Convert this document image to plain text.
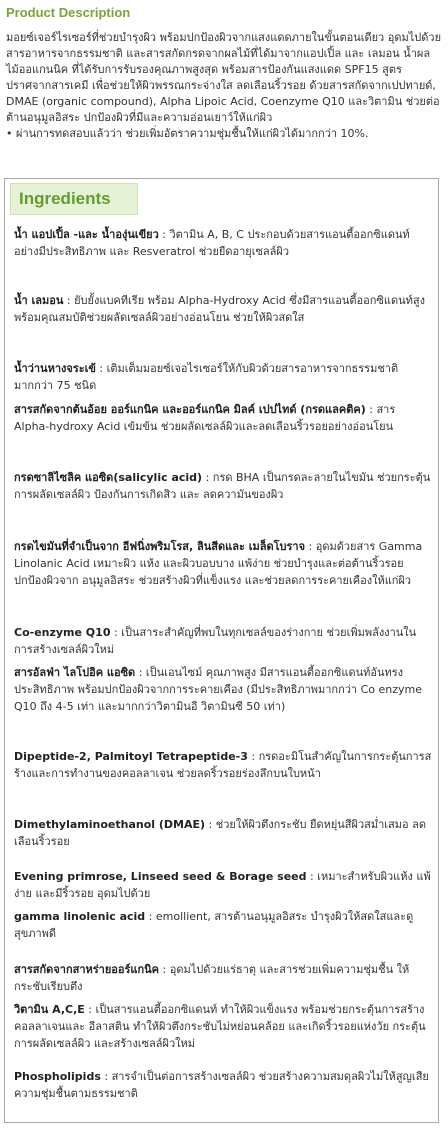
Product Description

มอยซ์เจอร์ไรเซอร์ที่ช่วยบำรุงผิว พร้อมปกป้องผิวจากแสงแดดภายในขั้นตอนเดียว อุดมไปด้วยสารอาหารจากธรรมชาติ และสารสกัดกรดจากผลไม้ที่ได้มาจากแอปเปิ้ล และ เลมอน น้ำผลไม้ออแกนนิค ที่ได้รับการรับรองคุณภาพสูงสุด พร้อมสารป้องกันแสงแดด SPF15 สูตรปราศจากสารเคมี เพื่อช่วยให้ผิวพรรณกระจ่างใส ลดเลือนริ้วรอย ด้วยสารสกัดจากเปปทายด์, DMAE (organic compound), Alpha Lipoic Acid, Coenzyme Q10 และวิตามิน ช่วยต่อต้านอนุมูลอิสระ ปกป้องผิวที่มีและความอ่อนเยาว์ให้แก่ผิว

• ผ่านการทดสอบแล้วว่า ช่วยเพิ่มอัตราความชุ่มชื้นให้แก่ผิวได้มากกว่า 10%.
Ingredients
น้ำ แอปเปิ้ล -และ น้ำองุ่นเขียว : วิตามิน A, B, C ประกอบด้วยสารแอนตี้ออกซิแดนท์ อย่างมีประสิทธิภาพ และ Resveratrol ช่วยยืดอายุเซลล์ผิว
น้ำ เลมอน : ยับยั้งแบคทีเรีย พร้อม Alpha-Hydroxy Acid ซึ่งมีสารแอนตี้ออกซิแดนท์สูงพร้อมคุณสมบัติช่วยผลัดเซลล์ผิวอย่างอ่อนโยน ช่วยให้ผิวสดใส
น้ำว่านหางจระเข้ : เติมเต็มมอยซ์เจอไรเซอร์ให้กับผิวด้วยสารอาหารจากธรรมชาติมากกว่า 75 ชนิด
สารสกัดจากต้นอ้อย ออร์แกนิค และออร์แกนิค มิลค์ เปปไทด์ (กรดแลคติค) : สาร Alpha-hydroxy Acid เข้มข้น ช่วยผลัดเซลล์ผิวและลดเลือนริ้วรอยอย่างอ่อนโยน
กรดซาลิไซลิค แอซิด(salicylic acid) : กรด BHA เป็นกรดละลายในไขมัน ช่วยกระตุ้นการผลัดเซลล์ผิว ป้องกันการเกิดสิว และ ลดความันของผิว
กรดไขมันที่จำเป็นจาก อีฟนิ่งพริมโรส, ลินสีดและ เมล็ดโบราจ : อุดมด้วยสาร Gamma Linolanic Acid เหมาะผิว แห้ง และผิวบอบบาง แพ้ง่าย ช่วยบำรุงและต่อต้านริ้วรอย ปกป้องผิวจาก อนุมูลอิสระ ช่วยสร้างผิวที่แข็งแรง และช่วยลดการระคายเคืองให้แก่ผิว
Co-enzyme Q10 : เป็นสาระสำคัญที่พบในทุกเซลล์ของร่างกาย ช่วยเพิ่มพลังงานในการสร้างเซลล์ผิวใหม่
สารอัลฟ่า ไลโปอิค แอซิด : เป็นเอนไซม์ คุณภาพสูง มีสารแอนตี้ออกซิแดนท์อันทรงประสิทธิภาพ พร้อมปกป้องผิวจากการระคายเคือง (มีประสิทธิภาพมากกว่า Co enzyme Q10 ถึง 4-5 เท่า และมากกว่าวิตามินอี วิตามินซี 50 เท่า)
Dipeptide-2, Palmitoyl Tetrapeptide-3 : กรดอะมิโนสำคัญในการกระตุ้นการสร้างและการทำงานของคอลลาเจน ช่วยลดริ้วรอยร่องลึกบนใบหน้า
Dimethylaminoethanol (DMAE) : ช่วยให้ผิวตึงกระชับ ยืดหยุ่นสีผิวสม่ำเสมอ ลดเลือนริ้วรอย
Evening primrose, Linseed seed & Borage seed : เหมาะสำหรับผิวแห้ง แพ้ง่าย และมีริ้วรอย อุดมไปด้วย
gamma linolenic acid : emollient, สารต้านอนุมูลอิสระ บำรุงผิวให้สดใสและดูสุขภาพดี
สารสกัดจากสาหร่ายออร์แกนิค : อุดมไปด้วยแร่ธาตุ และสารช่วยเพิ่มความชุ่มชื้น ให้กระชับเรียบตึง
วิตามิน A,C,E : เป็นสารแอนตี้ออกซิแดนท์ ทำให้ผิวแข็งแรง พร้อมช่วยกระตุ้นการสร้างคอลลาเจนและ อีลาสติน ทำให้ผิวตึงกระชับไม่หย่อนคล้อย และเกิดริ้วรอยแห่งวัย กระตุ้นการผลัดเซลล์ผิว และสร้างเซลล์ผิวใหม่
Phospholipids : สารจำเป็นต่อการสร้างเซลล์ผิว ช่วยสร้างความสมดุลผิวไม่ให้สูญเสียความชุ่มชื้นตามธรรมชาติ
